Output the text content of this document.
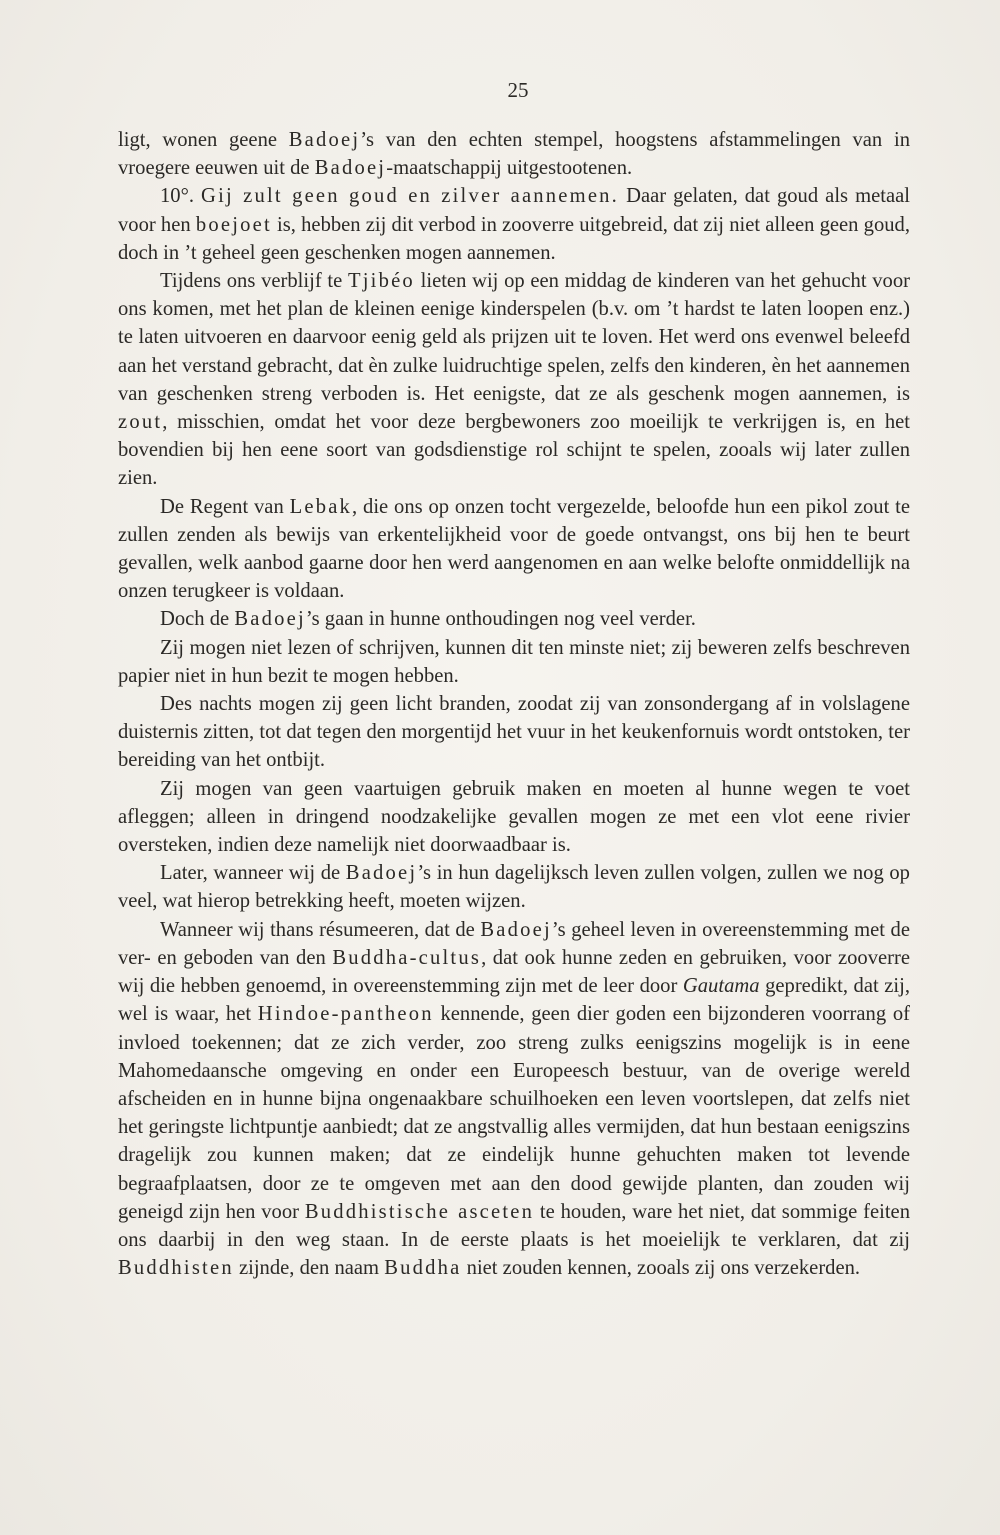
25

ligt, wonen geene Badoej’s van den echten stempel, hoogstens afstammelingen van in vroegere eeuwen uit de Badoej-maatschappij uitgestootenen.

10°. Gij zult geen goud en zilver aannemen. Daar gelaten, dat goud als metaal voor hen boejoet is, hebben zij dit verbod in zooverre uitgebreid, dat zij niet alleen geen goud, doch in ’t geheel geen geschenken mogen aannemen.

Tijdens ons verblijf te Tjibéo lieten wij op een middag de kinderen van het gehucht voor ons komen, met het plan de kleinen eenige kinderspelen (b.v. om ’t hardst te laten loopen enz.) te laten uitvoeren en daarvoor eenig geld als prijzen uit te loven. Het werd ons evenwel beleefd aan het verstand gebracht, dat èn zulke luidruchtige spelen, zelfs den kinderen, èn het aannemen van geschenken streng verboden is. Het eenigste, dat ze als geschenk mogen aannemen, is zout, misschien, omdat het voor deze bergbewoners zoo moeilijk te verkrijgen is, en het bovendien bij hen eene soort van godsdienstige rol schijnt te spelen, zooals wij later zullen zien.

De Regent van Lebak, die ons op onzen tocht vergezelde, beloofde hun een pikol zout te zullen zenden als bewijs van erkentelijkheid voor de goede ontvangst, ons bij hen te beurt gevallen, welk aanbod gaarne door hen werd aangenomen en aan welke belofte onmiddellijk na onzen terugkeer is voldaan.

Doch de Badoej’s gaan in hunne onthoudingen nog veel verder.

Zij mogen niet lezen of schrijven, kunnen dit ten minste niet; zij beweren zelfs beschreven papier niet in hun bezit te mogen hebben.

Des nachts mogen zij geen licht branden, zoodat zij van zonsondergang af in volslagene duisternis zitten, tot dat tegen den morgentijd het vuur in het keukenfornuis wordt ontstoken, ter bereiding van het ontbijt.

Zij mogen van geen vaartuigen gebruik maken en moeten al hunne wegen te voet afleggen; alleen in dringend noodzakelijke gevallen mogen ze met een vlot eene rivier oversteken, indien deze namelijk niet doorwaadbaar is.

Later, wanneer wij de Badoej’s in hun dagelijksch leven zullen volgen, zullen we nog op veel, wat hierop betrekking heeft, moeten wijzen.

Wanneer wij thans résumeeren, dat de Badoej’s geheel leven in overeenstemming met de ver- en geboden van den Buddha-cultus, dat ook hunne zeden en gebruiken, voor zooverre wij die hebben genoemd, in overeenstemming zijn met de leer door Gautama gepredikt, dat zij, wel is waar, het Hindoe-pantheon kennende, geen dier goden een bijzonderen voorrang of invloed toekennen; dat ze zich verder, zoo streng zulks eenigszins mogelijk is in eene Mahomedaansche omgeving en onder een Europeesch bestuur, van de overige wereld afscheiden en in hunne bijna ongenaakbare schuilhoeken een leven voortslepen, dat zelfs niet het geringste lichtpuntje aanbiedt; dat ze angstvallig alles vermijden, dat hun bestaan eenigszins dragelijk zou kunnen maken; dat ze eindelijk hunne gehuchten maken tot levende begraafplaatsen, door ze te omgeven met aan den dood gewijde planten, dan zouden wij geneigd zijn hen voor Buddhistische asceten te houden, ware het niet, dat sommige feiten ons daarbij in den weg staan. In de eerste plaats is het moeielijk te verklaren, dat zij Buddhisten zijnde, den naam Buddha niet zouden kennen, zooals zij ons verzekerden.
